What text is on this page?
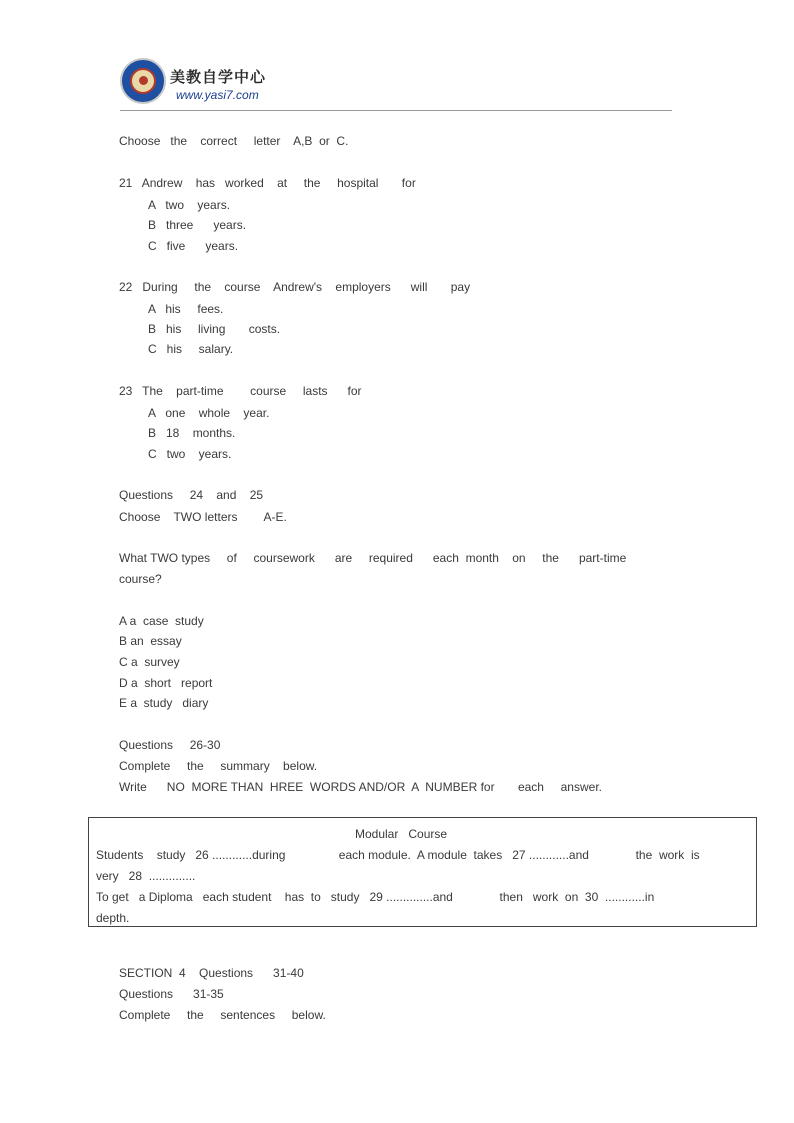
美教自学中心
www.yasi7.com
Choose   the    correct     letter    A,B  or  C.
21   Andrew    has   worked    at     the     hospital       for
A   two    years.
B   three      years.
C   five      years.
22   During     the    course    Andrew's    employers      will       pay
A   his     fees.
B   his     living       costs.
C   his     salary.
23   The    part-time        course     lasts      for
A   one    whole    year.
B   18    months.
C   two    years.
Questions     24    and    25
Choose    TWO letters        A-E.
What TWO types     of     coursework      are     required      each  month    on     the      part-time
course?
A a  case  study
B an  essay
C a  survey
D a  short   report
E a  study   diary
Questions     26-30
Complete     the     summary    below.
Write      NO  MORE THAN  HREE  WORDS AND/OR  A  NUMBER for       each     answer.
Modular   Course
Students    study   26 ............during                each module.  A module  takes   27 ............and              the  work  is
very   28  ..............
To get   a Diploma   each student    has  to   study   29 ..............and              then   work  on  30  ............in
depth.
SECTION  4    Questions      31-40
Questions      31-35
Complete     the     sentences     below.
